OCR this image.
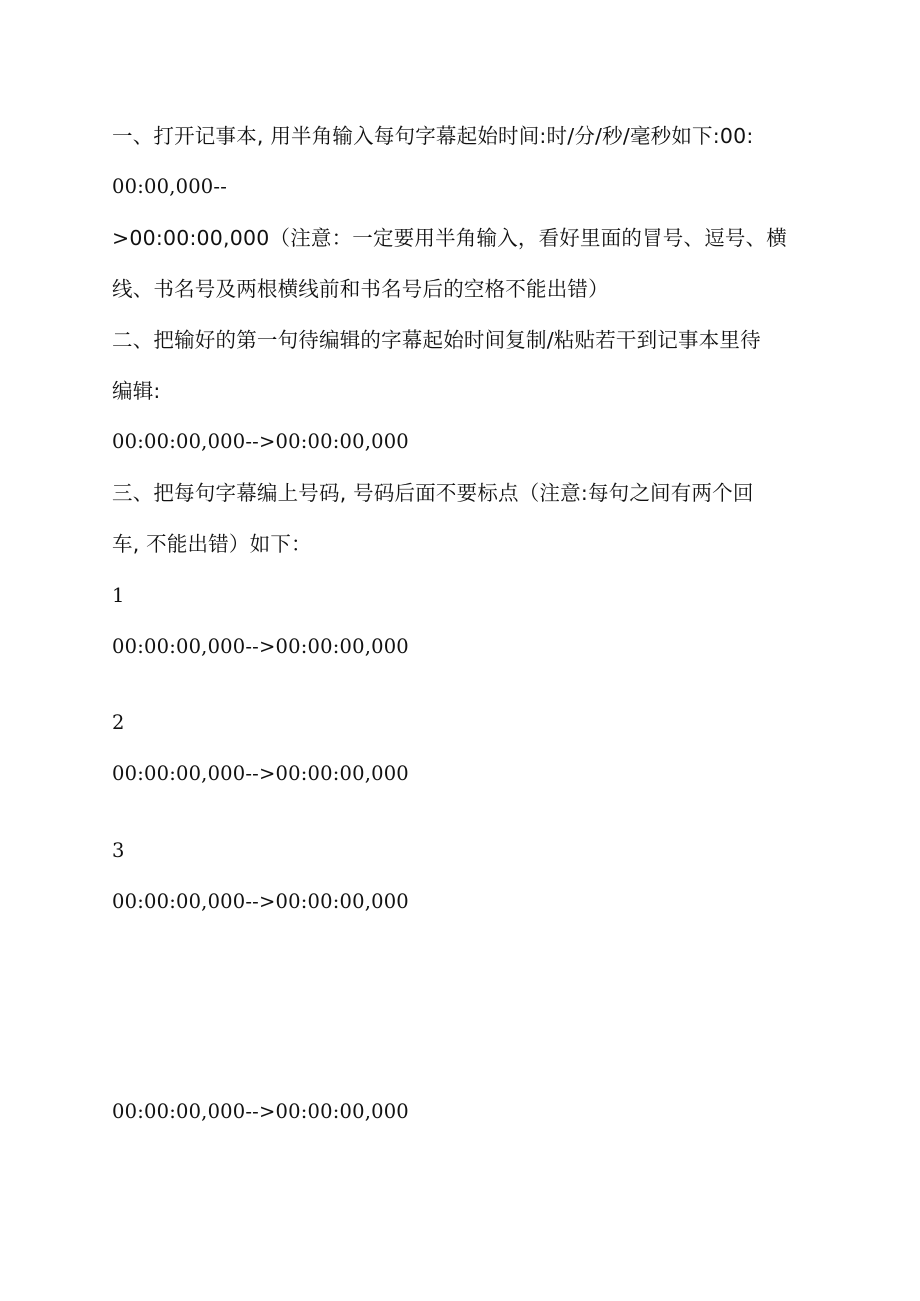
一、打开记事本, 用半角输入每句字幕起始时间:时/分/秒/毫秒如下:00:
00:00,000--
>00:00:00,000（注意：一定要用半角输入，看好里面的冒号、逗号、横
线、书名号及两根横线前和书名号后的空格不能出错）
二、把输好的第一句待编辑的字幕起始时间复制/粘贴若干到记事本里待
编辑:
00:00:00,000-->00:00:00,000
三、把每句字幕编上号码, 号码后面不要标点（注意:每句之间有两个回
车, 不能出错）如下：
1
00:00:00,000-->00:00:00,000
2
00:00:00,000-->00:00:00,000
3
00:00:00,000-->00:00:00,000
00:00:00,000-->00:00:00,000
